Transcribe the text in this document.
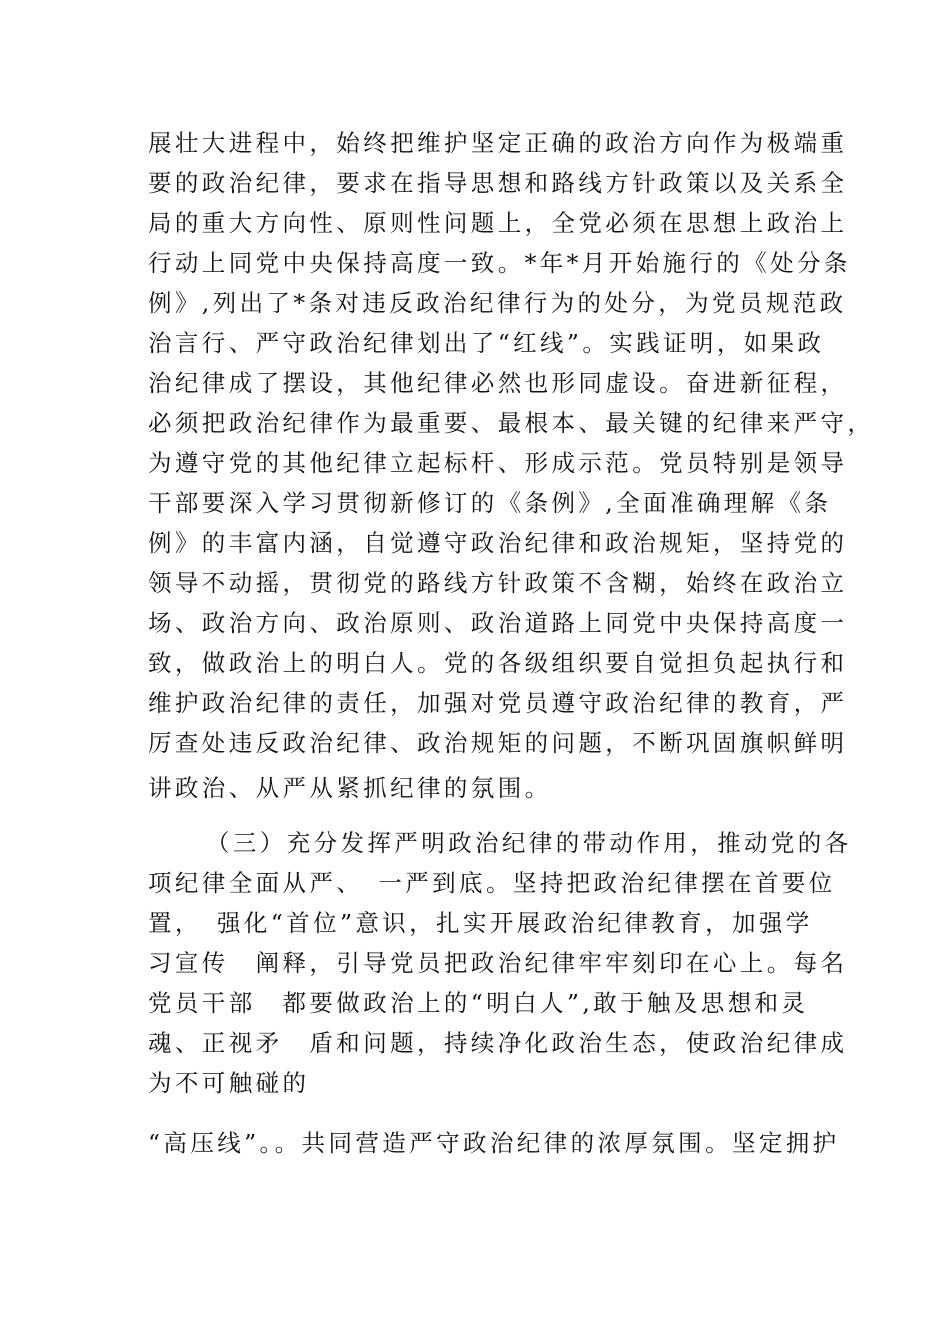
展壮大进程中，始终把维护坚定正确的政治方向作为极端重
要的政治纪律，要求在指导思想和路线方针政策以及关系全
局的重大方向性、原则性问题上，全党必须在思想上政治上
行动上同党中央保持高度一致。*年*月开始施行的《处分条
例》,列出了*条对违反政治纪律行为的处分，为党员规范政
治言行、严守政治纪律划出了“红线”。实践证明，如果政
治纪律成了摆设，其他纪律必然也形同虚设。奋进新征程，
必须把政治纪律作为最重要、最根本、最关键的纪律来严守，
为遵守党的其他纪律立起标杆、形成示范。党员特别是领导
干部要深入学习贯彻新修订的《条例》,全面准确理解《条
例》的丰富内涵，自觉遵守政治纪律和政治规矩，坚持党的
领导不动摇，贯彻党的路线方针政策不含糊，始终在政治立
场、政治方向、政治原则、政治道路上同党中央保持高度一
致，做政治上的明白人。党的各级组织要自觉担负起执行和
维护政治纪律的责任，加强对党员遵守政治纪律的教育，严
厉查处违反政治纪律、政治规矩的问题，不断巩固旗帜鲜明
讲政治、从严从紧抓纪律的氛围。
（三）充分发挥严明政治纪律的带动作用，推动党的各
项纪律全面从严、　一严到底。坚持把政治纪律摆在首要位
置，　强化“首位”意识，扎实开展政治纪律教育，加强学
习宣传　阐释，引导党员把政治纪律牢牢刻印在心上。每名
党员干部　都要做政治上的“明白人”,敢于触及思想和灵
魂、正视矛　盾和问题，持续净化政治生态，使政治纪律成
为不可触碰的
“高压线”。。共同营造严守政治纪律的浓厚氛围。坚定拥护
